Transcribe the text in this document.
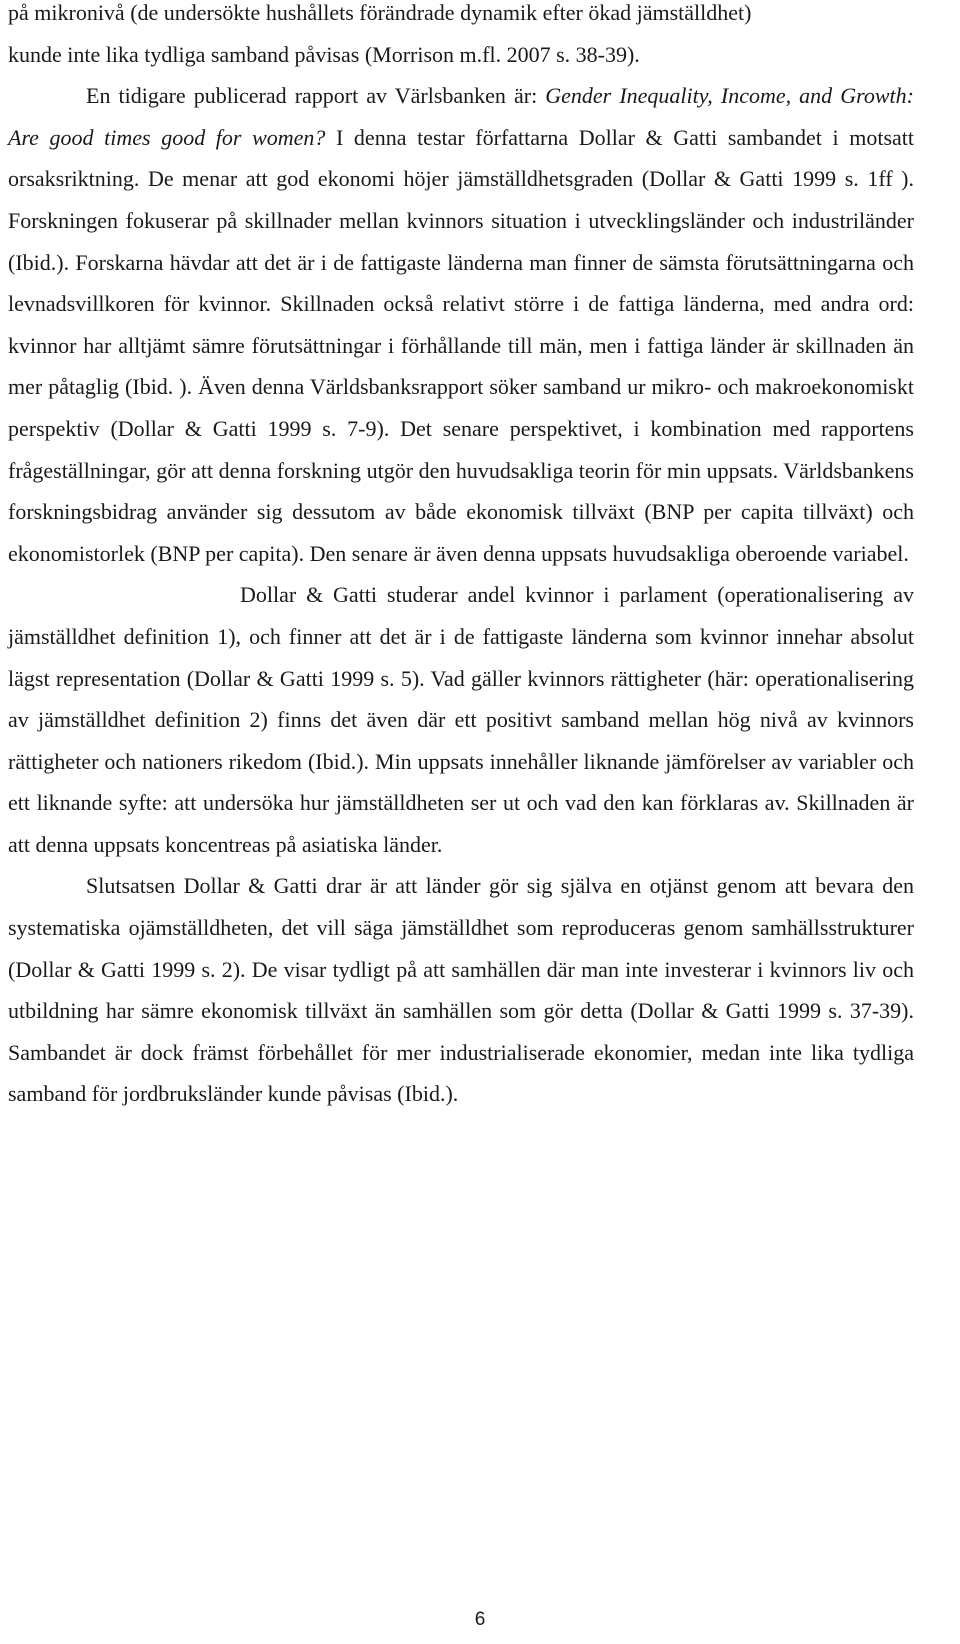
på mikronivå (de undersökte hushållets förändrade dynamik efter ökad jämställdhet)
kunde inte lika tydliga samband påvisas (Morrison m.fl. 2007 s. 38-39).

En tidigare publicerad rapport av Värlsbanken är: Gender Inequality, Income, and Growth: Are good times good for women? I denna testar författarna Dollar & Gatti sambandet i motsatt orsaksriktning. De menar att god ekonomi höjer jämställdhetsgraden (Dollar & Gatti 1999 s. 1ff ). Forskningen fokuserar på skillnader mellan kvinnors situation i utvecklingsländer och industriländer (Ibid.). Forskarna hävdar att det är i de fattigaste länderna man finner de sämsta förutsättningarna och levnadsvillkoren för kvinnor. Skillnaden också relativt större i de fattiga länderna, med andra ord: kvinnor har alltjämt sämre förutsättningar i förhållande till män, men i fattiga länder är skillnaden än mer påtaglig (Ibid. ). Även denna Världsbanksrapport söker samband ur mikro- och makroekonomiskt perspektiv (Dollar & Gatti 1999 s. 7-9). Det senare perspektivet, i kombination med rapportens frågeställningar, gör att denna forskning utgör den huvudsakliga teorin för min uppsats. Världsbankens forskningsbidrag använder sig dessutom av både ekonomisk tillväxt (BNP per capita tillväxt) och ekonomistorlek (BNP per capita). Den senare är även denna uppsats huvudsakliga oberoende variabel.

Dollar & Gatti studerar andel kvinnor i parlament (operationalisering av jämställdhet definition 1), och finner att det är i de fattigaste länderna som kvinnor innehar absolut lägst representation (Dollar & Gatti 1999 s. 5). Vad gäller kvinnors rättigheter (här: operationalisering av jämställdhet definition 2) finns det även där ett positivt samband mellan hög nivå av kvinnors rättigheter och nationers rikedom (Ibid.). Min uppsats innehåller liknande jämförelser av variabler och ett liknande syfte: att undersöka hur jämställdheten ser ut och vad den kan förklaras av. Skillnaden är att denna uppsats koncentreas på asiatiska länder.

Slutsatsen Dollar & Gatti drar är att länder gör sig själva en otjänst genom att bevara den systematiska ojämställdheten, det vill säga jämställdhet som reproduceras genom samhällsstrukturer (Dollar & Gatti 1999 s. 2). De visar tydligt på att samhällen där man inte investerar i kvinnors liv och utbildning har sämre ekonomisk tillväxt än samhällen som gör detta (Dollar & Gatti 1999 s. 37-39). Sambandet är dock främst förbehållet för mer industrialiserade ekonomier, medan inte lika tydliga samband för jordbruksländer kunde påvisas (Ibid.).

6
